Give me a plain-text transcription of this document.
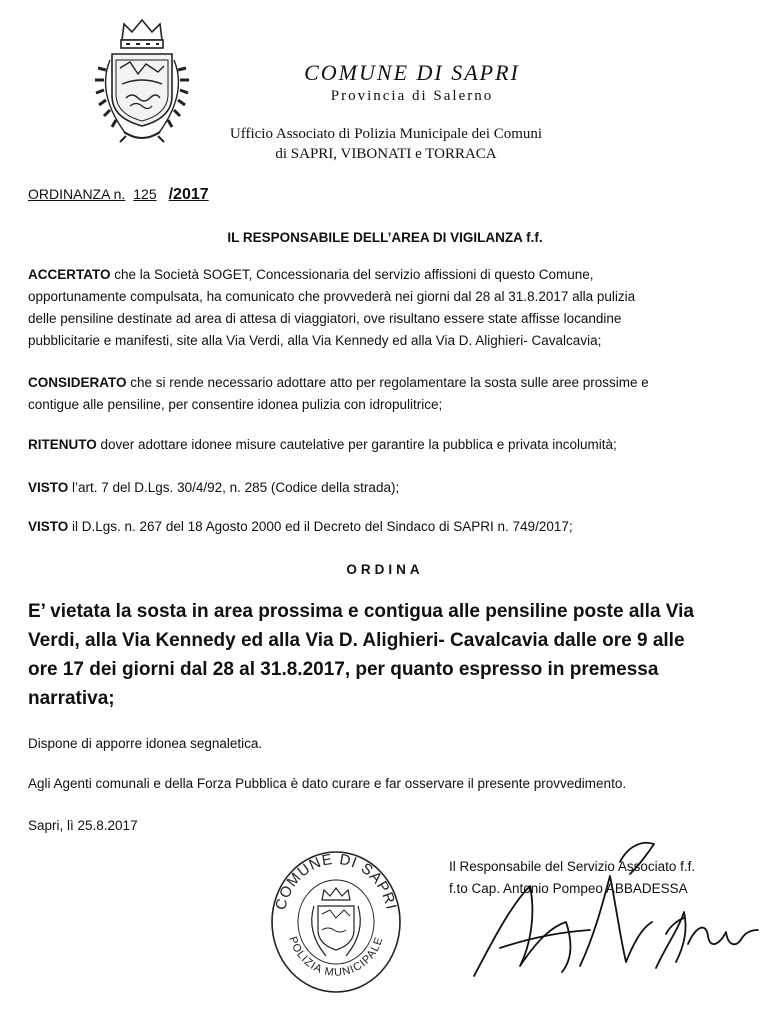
COMUNE DI SAPRI
Provincia di Salerno
Ufficio Associato di Polizia Municipale dei Comuni
di SAPRI, VIBONATI e TORRACA
ORDINANZA n. 125 /2017
IL RESPONSABILE DELL’AREA DI VIGILANZA f.f.
ACCERTATO che la Società SOGET, Concessionaria del servizio affissioni di questo Comune,
opportunamente compulsata, ha comunicato che provvederà nei giorni dal 28 al 31.8.2017 alla pulizia
delle pensiline destinate ad area di attesa di viaggiatori, ove risultano essere state affisse locandine
pubblicitarie e manifesti, site alla Via Verdi, alla Via Kennedy ed alla Via D. Alighieri- Cavalcavia;
CONSIDERATO che si rende necessario adottare atto per regolamentare la sosta sulle aree prossime e
contigue alle pensiline, per consentire idonea pulizia con idropulitrice;
RITENUTO dover adottare idonee misure cautelative per garantire la pubblica e privata incolumità;
VISTO l’art. 7 del D.Lgs. 30/4/92, n. 285 (Codice della strada);
VISTO il D.Lgs. n. 267 del 18 Agosto 2000 ed il Decreto del Sindaco di SAPRI n. 749/2017;
ORDINA
E’ vietata la sosta in area prossima e contigua alle pensiline poste alla Via
Verdi, alla Via Kennedy ed alla Via D. Alighieri- Cavalcavia dalle ore 9 alle
ore 17 dei giorni dal 28 al 31.8.2017, per quanto espresso in premessa
narrativa;
Dispone di apporre idonea segnaletica.
Agli Agenti comunali e della Forza Pubblica è dato curare e far osservare il presente provvedimento.
Sapri, lì 25.8.2017
COMUNE DI SAPRI
POLIZIA MUNICIPALE
Il Responsabile del Servizio Associato f.f.
f.to Cap. Antonio Pompeo ABBADESSA
